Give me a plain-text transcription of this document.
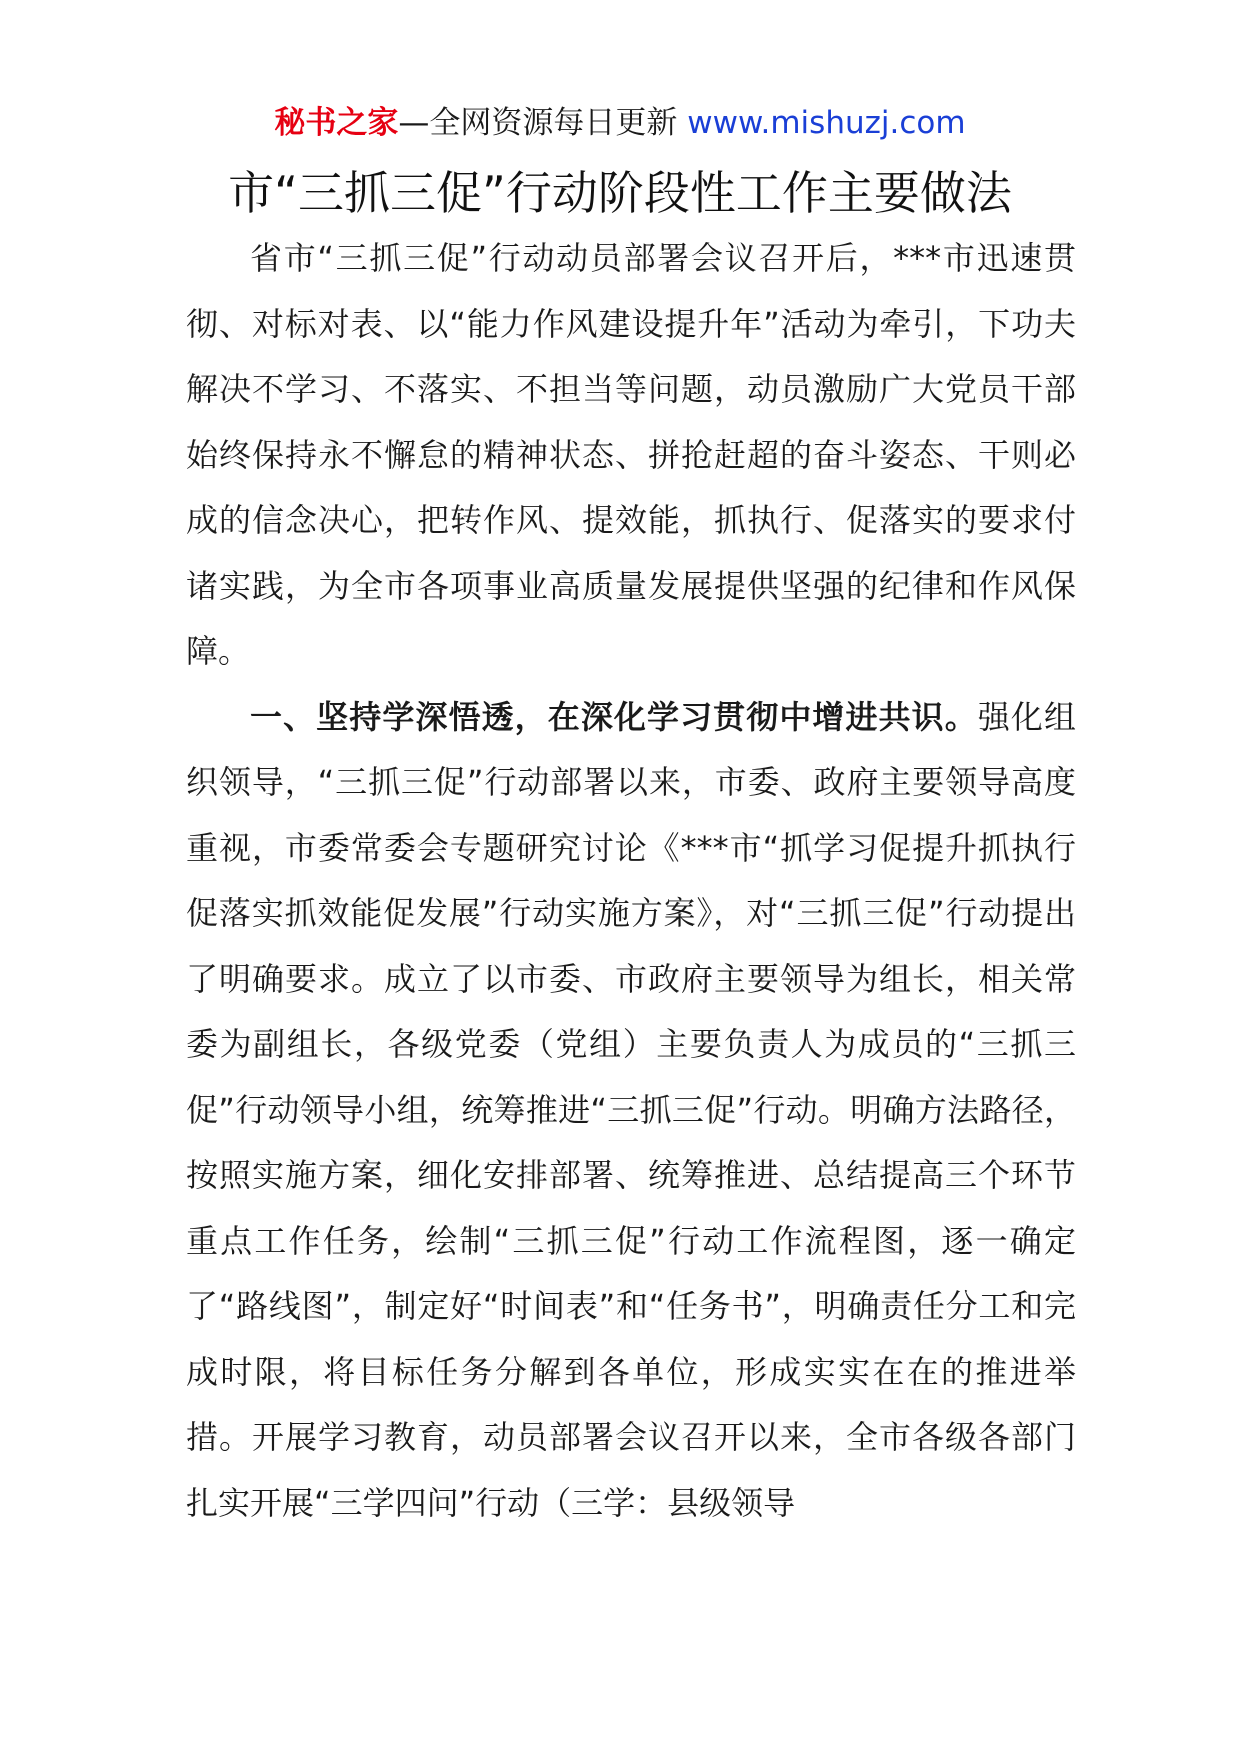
秘书之家—全网资源每日更新 www.mishuzj.com
市“三抓三促”行动阶段性工作主要做法

省市“三抓三促”行动动员部署会议召开后，***市迅速贯彻、对标对表、以“能力作风建设提升年”活动为牵引，下功夫解决不学习、不落实、不担当等问题，动员激励广大党员干部始终保持永不懈怠的精神状态、拼抢赶超的奋斗姿态、干则必成的信念决心，把转作风、提效能，抓执行、促落实的要求付诸实践，为全市各项事业高质量发展提供坚强的纪律和作风保障。

一、坚持学深悟透，在深化学习贯彻中增进共识。强化组织领导，“三抓三促”行动部署以来，市委、政府主要领导高度重视，市委常委会专题研究讨论《***市“抓学习促提升抓执行促落实抓效能促发展”行动实施方案》，对“三抓三促”行动提出了明确要求。成立了以市委、市政府主要领导为组长，相关常委为副组长，各级党委（党组）主要负责人为成员的“三抓三促”行动领导小组，统筹推进“三抓三促”行动。明确方法路径，按照实施方案，细化安排部署、统筹推进、总结提高三个环节重点工作任务，绘制“三抓三促”行动工作流程图，逐一确定了“路线图”，制定好“时间表”和“任务书”，明确责任分工和完成时限，将目标任务分解到各单位，形成实实在在的推进举措。开展学习教育，动员部署会议召开以来，全市各级各部门扎实开展“三学四问”行动（三学：县级领导
